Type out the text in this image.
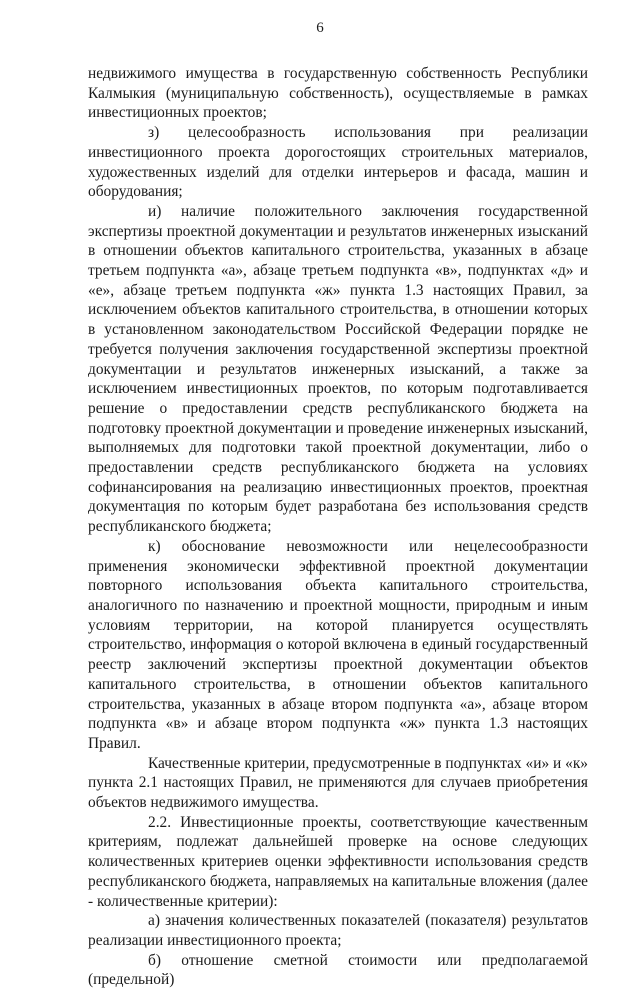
6

недвижимого имущества в государственную собственность Республики Калмыкия (муниципальную собственность), осуществляемые в рамках инвестиционных проектов;

з) целесообразность использования при реализации инвестиционного проекта дорогостоящих строительных материалов, художественных изделий для отделки интерьеров и фасада, машин и оборудования;

и) наличие положительного заключения государственной экспертизы проектной документации и результатов инженерных изысканий в отношении объектов капитального строительства, указанных в абзаце третьем подпункта «а», абзаце третьем подпункта «в», подпунктах «д» и «е», абзаце третьем подпункта «ж» пункта 1.3 настоящих Правил, за исключением объектов капитального строительства, в отношении которых в установленном законодательством Российской Федерации порядке не требуется получения заключения государственной экспертизы проектной документации и результатов инженерных изысканий, а также за исключением инвестиционных проектов, по которым подготавливается решение о предоставлении средств республиканского бюджета на подготовку проектной документации и проведение инженерных изысканий, выполняемых для подготовки такой проектной документации, либо о предоставлении средств республиканского бюджета на условиях софинансирования на реализацию инвестиционных проектов, проектная документация по которым будет разработана без использования средств республиканского бюджета;

к) обоснование невозможности или нецелесообразности применения экономически эффективной проектной документации повторного использования объекта капитального строительства, аналогичного по назначению и проектной мощности, природным и иным условиям территории, на которой планируется осуществлять строительство, информация о которой включена в единый государственный реестр заключений экспертизы проектной документации объектов капитального строительства, в отношении объектов капитального строительства, указанных в абзаце втором подпункта «а», абзаце втором подпункта «в» и абзаце втором подпункта «ж» пункта 1.3 настоящих Правил.

Качественные критерии, предусмотренные в подпунктах «и» и «к» пункта 2.1 настоящих Правил, не применяются для случаев приобретения объектов недвижимого имущества.

2.2. Инвестиционные проекты, соответствующие качественным критериям, подлежат дальнейшей проверке на основе следующих количественных критериев оценки эффективности использования средств республиканского бюджета, направляемых на капитальные вложения (далее - количественные критерии):

а) значения количественных показателей (показателя) результатов реализации инвестиционного проекта;

б) отношение сметной стоимости или предполагаемой (предельной)
